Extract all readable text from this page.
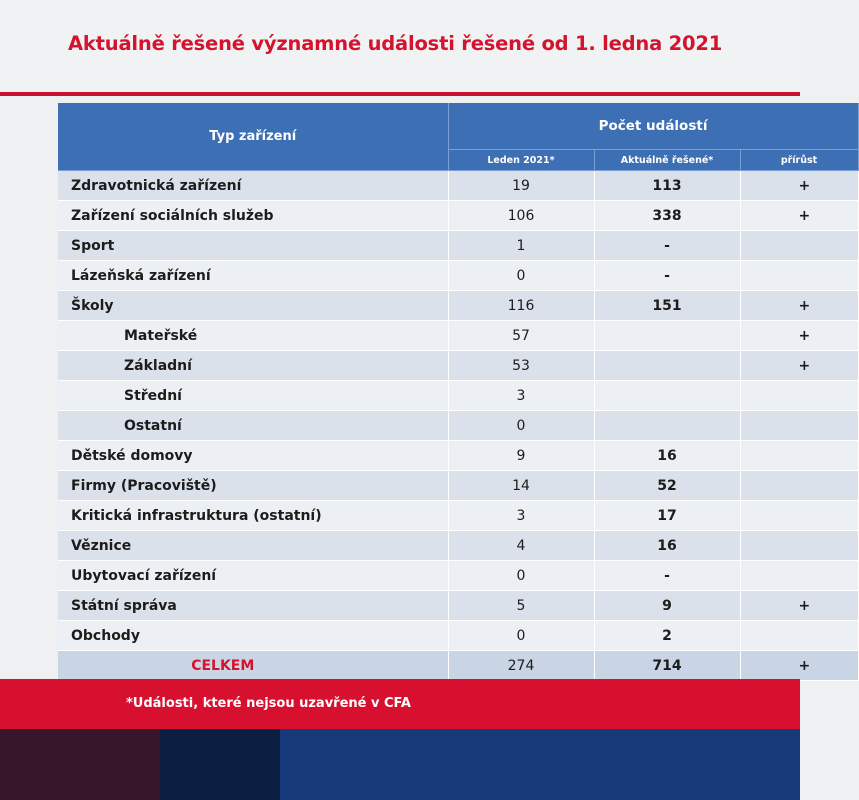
Aktuálně řešené významné události řešené od 1. ledna 2021
Typ zařízení	Počet událostí		
	Leden 2021*	Aktuálně řešené*	přírůst
Zdravotnická zařízení	19	113	+
Zařízení sociálních služeb	106	338	+
Sport	1	-	
Lázeňská zařízení	0	-	
Školy	116	151	+
Mateřské	57		+
Základní	53		+
Střední	3		
Ostatní	0		
Dětské domovy	9	16	
Firmy (Pracoviště)	14	52	
Kritická infrastruktura (ostatní)	3	17	
Věznice	4	16	
Ubytovací zařízení	0	-	
Státní správa	5	9	+
Obchody	0	2	
CELKEM	274	714	+
*Události, které nejsou uzavřené v CFA
